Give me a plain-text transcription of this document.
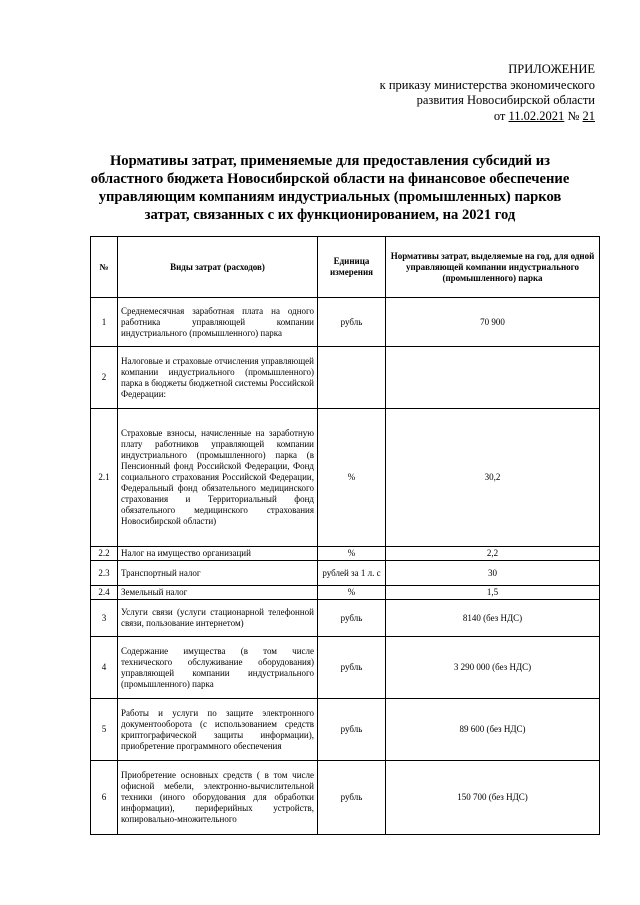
ПРИЛОЖЕНИЕ
к приказу министерства экономического
развития Новосибирской области
от 11.02.2021 № 21
Нормативы затрат, применяемые для предоставления субсидий из
областного бюджета Новосибирской области на финансовое обеспечение
управляющим компаниям индустриальных (промышленных) парков
затрат, связанных с их функционированием, на 2021 год
№	Виды затрат (расходов)	Единица измерения	Нормативы затрат, выделяемые на год, для одной управляющей компании индустриального (промышленного) парка
1	Среднемесячная заработная плата на одного работника управляющей компании индустриального (промышленного) парка	рубль	70 900
2	Налоговые и страховые отчисления управляющей компании индустриального (промышленного) парка в бюджеты бюджетной системы Российской Федерации:		
2.1	Страховые взносы, начисленные на заработную плату работников управляющей компании индустриального (промышленного) парка (в Пенсионный фонд Российской Федерации, Фонд социального страхования Российской Федерации, Федеральный фонд обязательного медицинского страхования и Территориальный фонд обязательного медицинского страхования Новосибирской области)	%	30,2
2.2	Налог на имущество организаций	%	2,2
2.3	Транспортный налог	рублей за 1 л. с	30
2.4	Земельный налог	%	1,5
3	Услуги связи (услуги стационарной телефонной связи, пользование интернетом)	рубль	8140 (без НДС)
4	Содержание имущества (в том числе технического обслуживание оборудования) управляющей компании индустриального (промышленного) парка	рубль	3 290 000 (без НДС)
5	Работы и услуги по защите электронного документооборота (с использованием средств криптографической защиты информации), приобретение программного обеспечения	рубль	89 600 (без НДС)
6	Приобретение основных средств ( в том числе офисной мебели, электронно-вычислительной техники (иного оборудования для обработки информации), периферийных устройств, копировально-множительного	рубль	150 700 (без НДС)
